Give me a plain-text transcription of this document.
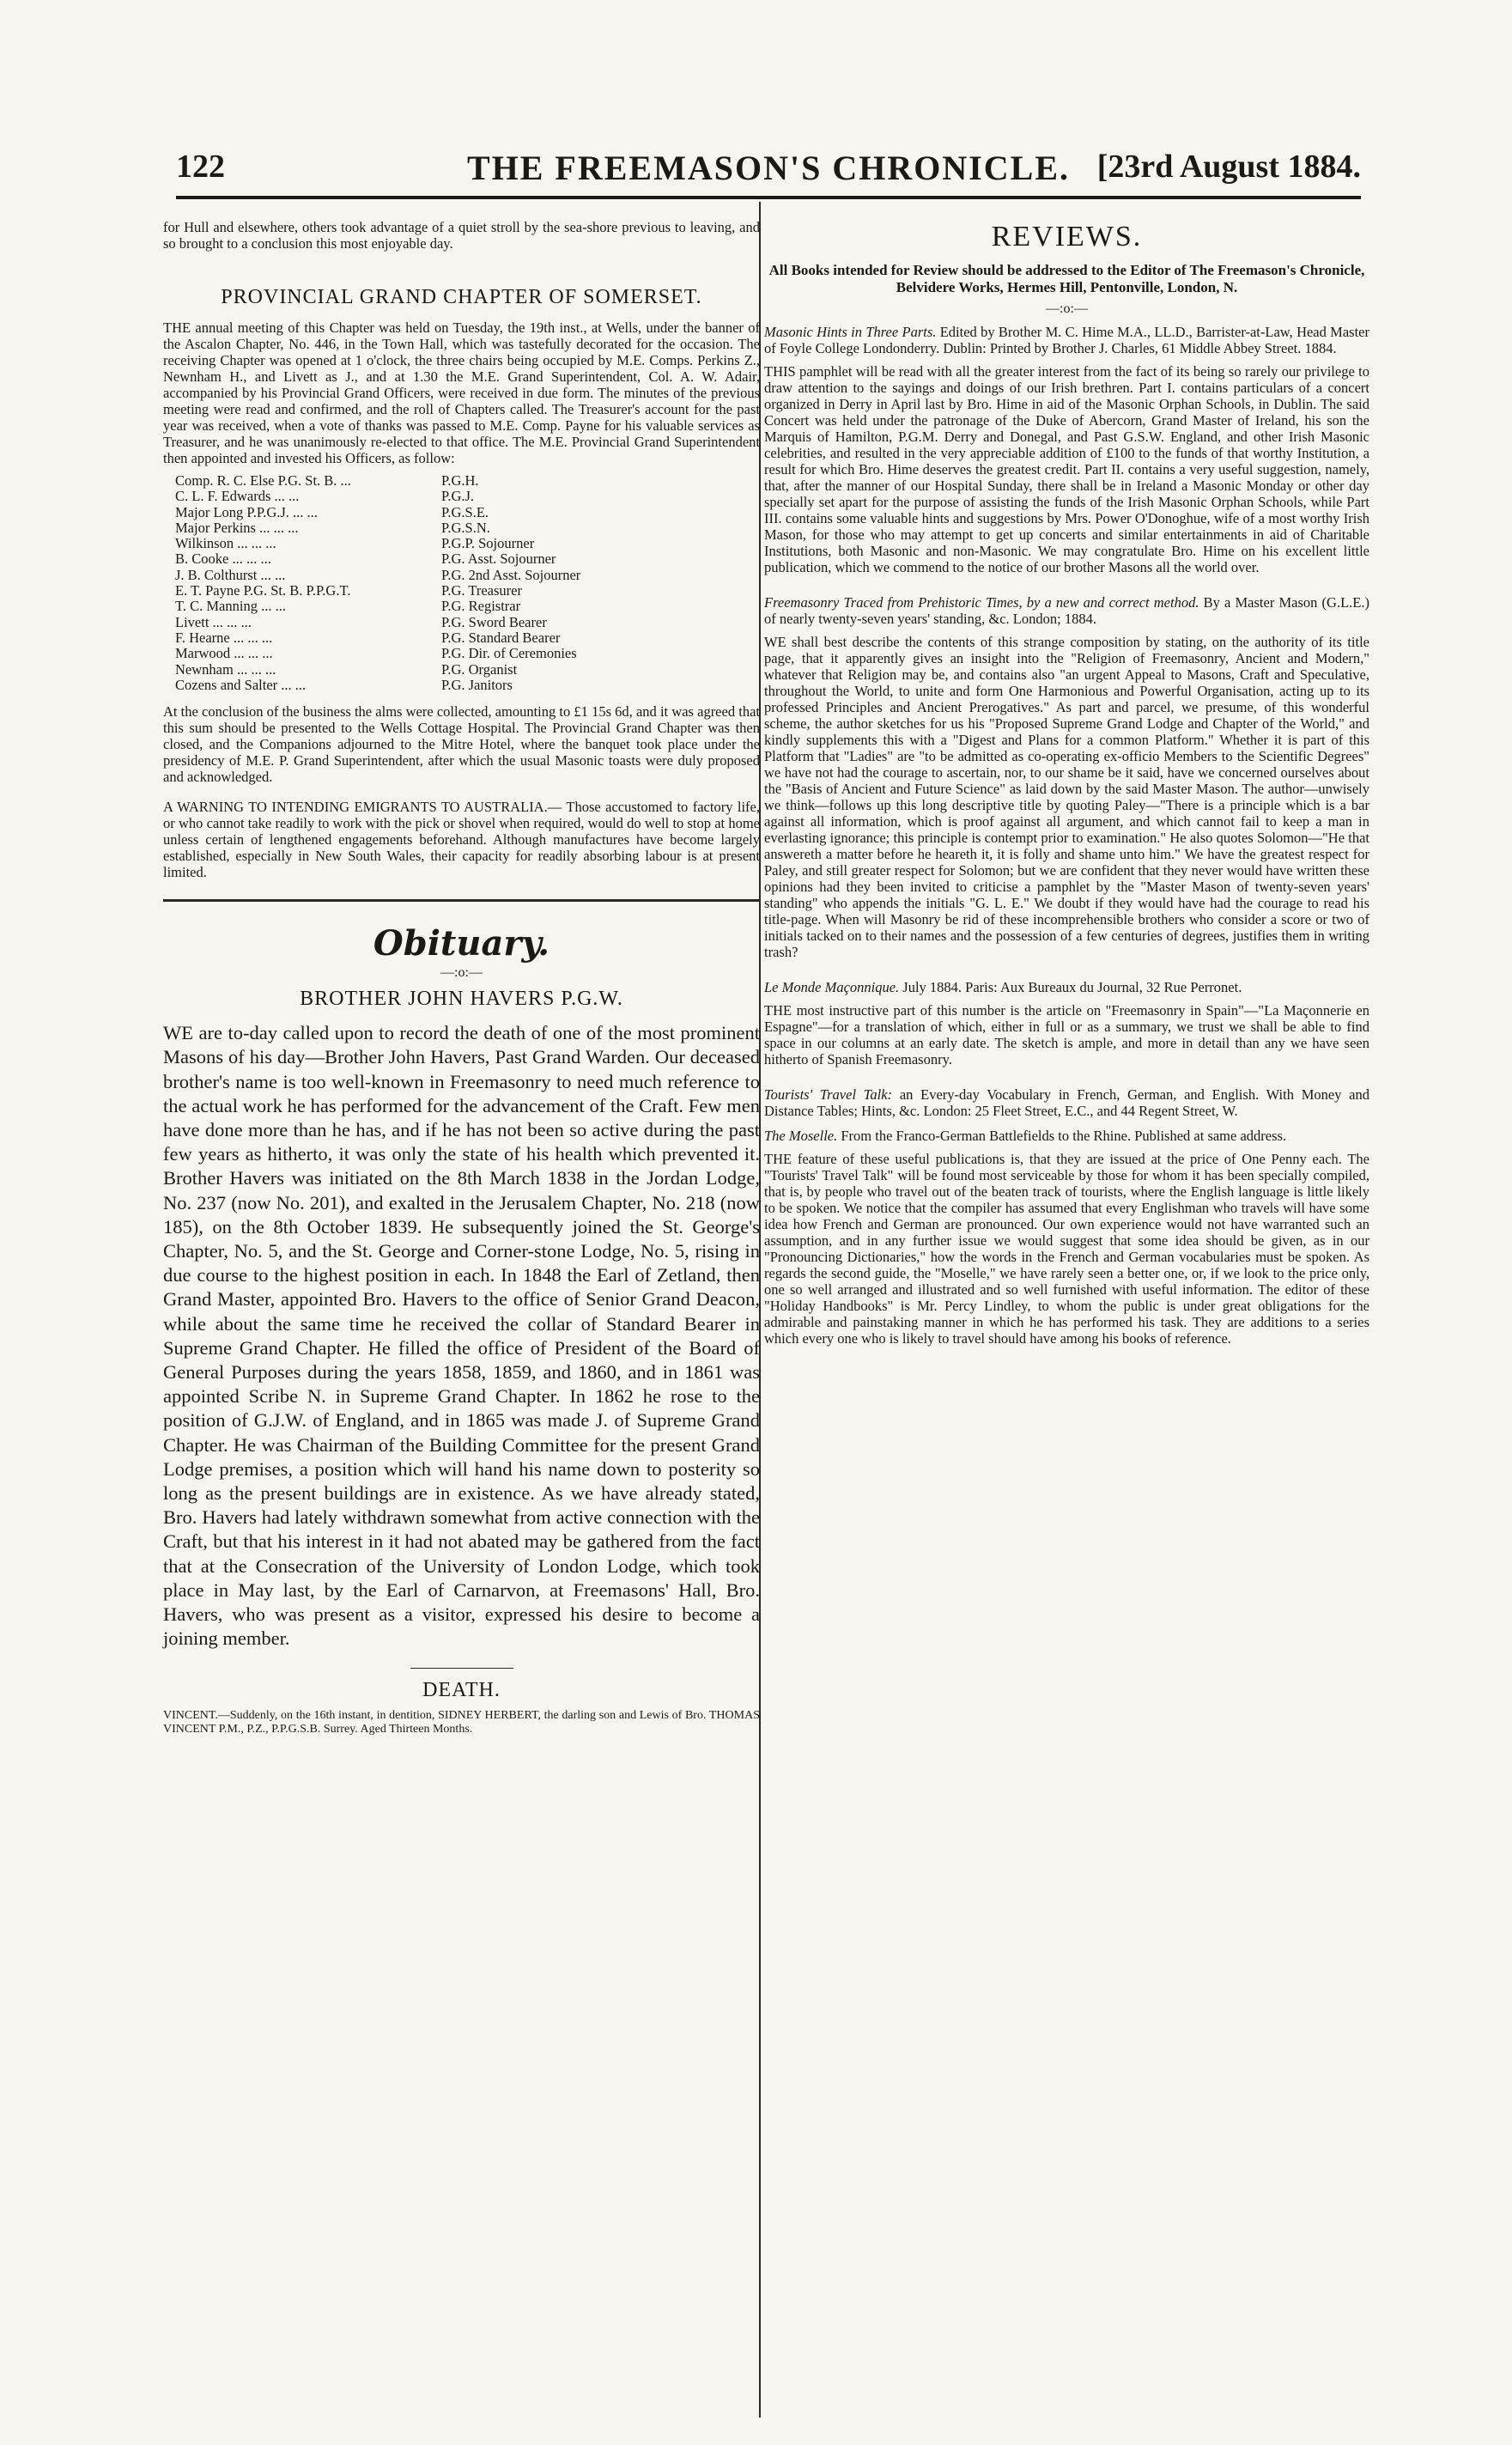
122	THE FREEMASON'S CHRONICLE. [23rd August 1884.

for Hull and elsewhere, others took advantage of a quiet stroll by the sea-shore previous to leaving, and so brought to a conclusion this most enjoyable day.

PROVINCIAL GRAND CHAPTER OF SOMERSET.

THE annual meeting of this Chapter was held on Tuesday, the 19th inst., at Wells, under the banner of the Ascalon Chapter, No. 446, in the Town Hall, which was tastefully decorated for the occasion. The receiving Chapter was opened at 1 o'clock, the three chairs being occupied by M.E. Comps. Perkins Z., Newnham H., and Livett as J., and at 1.30 the M.E. Grand Superintendent, Col. A. W. Adair, accompanied by his Provincial Grand Officers, were received in due form. The minutes of the previous meeting were read and confirmed, and the roll of Chapters called. The Treasurer's account for the past year was received, when a vote of thanks was passed to M.E. Comp. Payne for his valuable services as Treasurer, and he was unanimously re-elected to that office. The M.E. Provincial Grand Superintendent then appointed and invested his Officers, as follow:

Comp. R. C. Else P.G. St. B. ...	P.G.H.
C. L. F. Edwards ... ...	P.G.J.
Major Long P.P.G.J. ... ...	P.G.S.E.
Major Perkins ... ... ...	P.G.S.N.
Wilkinson ... ... ...	P.G.P. Sojourner
B. Cooke ... ... ...	P.G. Asst. Sojourner
J. B. Colthurst ... ...	P.G. 2nd Asst. Sojourner
E. T. Payne P.G. St. B. P.P.G.T.	P.G. Treasurer
T. C. Manning ... ...	P.G. Registrar
Livett ... ... ...	P.G. Sword Bearer
F. Hearne ... ... ...	P.G. Standard Bearer
Marwood ... ... ...	P.G. Dir. of Ceremonies
Newnham ... ... ...	P.G. Organist
Cozens and Salter ... ...	P.G. Janitors

At the conclusion of the business the alms were collected, amounting to £1 15s 6d, and it was agreed that this sum should be presented to the Wells Cottage Hospital. The Provincial Grand Chapter was then closed, and the Companions adjourned to the Mitre Hotel, where the banquet took place under the presidency of M.E. P. Grand Superintendent, after which the usual Masonic toasts were duly proposed and acknowledged.

A WARNING TO INTENDING EMIGRANTS TO AUSTRALIA.— Those accustomed to factory life, or who cannot take readily to work with the pick or shovel when required, would do well to stop at home unless certain of lengthened engagements beforehand. Although manufactures have become largely established, especially in New South Wales, their capacity for readily absorbing labour is at present limited.

Obituary.
—:o:—
BROTHER JOHN HAVERS P.G.W.

WE are to-day called upon to record the death of one of the most prominent Masons of his day—Brother John Havers, Past Grand Warden. Our deceased brother's name is too well-known in Freemasonry to need much reference to the actual work he has performed for the advancement of the Craft. Few men have done more than he has, and if he has not been so active during the past few years as hitherto, it was only the state of his health which prevented it. Brother Havers was initiated on the 8th March 1838 in the Jordan Lodge, No. 237 (now No. 201), and exalted in the Jerusalem Chapter, No. 218 (now 185), on the 8th October 1839. He subsequently joined the St. George's Chapter, No. 5, and the St. George and Corner-stone Lodge, No. 5, rising in due course to the highest position in each. In 1848 the Earl of Zetland, then Grand Master, appointed Bro. Havers to the office of Senior Grand Deacon, while about the same time he received the collar of Standard Bearer in Supreme Grand Chapter. He filled the office of President of the Board of General Purposes during the years 1858, 1859, and 1860, and in 1861 was appointed Scribe N. in Supreme Grand Chapter. In 1862 he rose to the position of G.J.W. of England, and in 1865 was made J. of Supreme Grand Chapter. He was Chairman of the Building Committee for the present Grand Lodge premises, a position which will hand his name down to posterity so long as the present buildings are in existence. As we have already stated, Bro. Havers had lately withdrawn somewhat from active connection with the Craft, but that his interest in it had not abated may be gathered from the fact that at the Consecration of the University of London Lodge, which took place in May last, by the Earl of Carnarvon, at Freemasons' Hall, Bro. Havers, who was present as a visitor, expressed his desire to become a joining member.

DEATH.

VINCENT.—Suddenly, on the 16th instant, in dentition, SIDNEY HERBERT, the darling son and Lewis of Bro. THOMAS VINCENT P.M., P.Z., P.P.G.S.B. Surrey. Aged Thirteen Months.

REVIEWS.
All Books intended for Review should be addressed to the Editor of The Freemason's Chronicle, Belvidere Works, Hermes Hill, Pentonville, London, N.
—:o:—

Masonic Hints in Three Parts. Edited by Brother M. C. Hime M.A., LL.D., Barrister-at-Law, Head Master of Foyle College Londonderry. Dublin: Printed by Brother J. Charles, 61 Middle Abbey Street. 1884.

THIS pamphlet will be read with all the greater interest from the fact of its being so rarely our privilege to draw attention to the sayings and doings of our Irish brethren. Part I. contains particulars of a concert organized in Derry in April last by Bro. Hime in aid of the Masonic Orphan Schools, in Dublin. The said Concert was held under the patronage of the Duke of Abercorn, Grand Master of Ireland, his son the Marquis of Hamilton, P.G.M. Derry and Donegal, and Past G.S.W. England, and other Irish Masonic celebrities, and resulted in the very appreciable addition of £100 to the funds of that worthy Institution, a result for which Bro. Hime deserves the greatest credit. Part II. contains a very useful suggestion, namely, that, after the manner of our Hospital Sunday, there shall be in Ireland a Masonic Monday or other day specially set apart for the purpose of assisting the funds of the Irish Masonic Orphan Schools, while Part III. contains some valuable hints and suggestions by Mrs. Power O'Donoghue, wife of a most worthy Irish Mason, for those who may attempt to get up concerts and similar entertainments in aid of Charitable Institutions, both Masonic and non-Masonic. We may congratulate Bro. Hime on his excellent little publication, which we commend to the notice of our brother Masons all the world over.

Freemasonry Traced from Prehistoric Times, by a new and correct method. By a Master Mason (G.L.E.) of nearly twenty-seven years' standing, &c. London; 1884.

WE shall best describe the contents of this strange composition by stating, on the authority of its title page, that it apparently gives an insight into the "Religion of Freemasonry, Ancient and Modern," whatever that Religion may be, and contains also "an urgent Appeal to Masons, Craft and Speculative, throughout the World, to unite and form One Harmonious and Powerful Organisation, acting up to its professed Principles and Ancient Prerogatives." As part and parcel, we presume, of this wonderful scheme, the author sketches for us his "Proposed Supreme Grand Lodge and Chapter of the World," and kindly supplements this with a "Digest and Plans for a common Platform." Whether it is part of this Platform that "Ladies" are "to be admitted as co-operating ex-officio Members to the Scientific Degrees" we have not had the courage to ascertain, nor, to our shame be it said, have we concerned ourselves about the "Basis of Ancient and Future Science" as laid down by the said Master Mason. The author—unwisely we think—follows up this long descriptive title by quoting Paley—"There is a principle which is a bar against all information, which is proof against all argument, and which cannot fail to keep a man in everlasting ignorance; this principle is contempt prior to examination." He also quotes Solomon—"He that answereth a matter before he heareth it, it is folly and shame unto him." We have the greatest respect for Paley, and still greater respect for Solomon; but we are confident that they never would have written these opinions had they been invited to criticise a pamphlet by the "Master Mason of twenty-seven years' standing" who appends the initials "G. L. E." We doubt if they would have had the courage to read his title-page. When will Masonry be rid of these incomprehensible brothers who consider a score or two of initials tacked on to their names and the possession of a few centuries of degrees, justifies them in writing trash?

Le Monde Maçonnique. July 1884. Paris: Aux Bureaux du Journal, 32 Rue Perronet.

THE most instructive part of this number is the article on "Freemasonry in Spain"—"La Maçonnerie en Espagne"—for a translation of which, either in full or as a summary, we trust we shall be able to find space in our columns at an early date. The sketch is ample, and more in detail than any we have seen hitherto of Spanish Freemasonry.

Tourists' Travel Talk: an Every-day Vocabulary in French, German, and English. With Money and Distance Tables; Hints, &c. London: 25 Fleet Street, E.C., and 44 Regent Street, W.

The Moselle. From the Franco-German Battlefields to the Rhine. Published at same address.

THE feature of these useful publications is, that they are issued at the price of One Penny each. The "Tourists' Travel Talk" will be found most serviceable by those for whom it has been specially compiled, that is, by people who travel out of the beaten track of tourists, where the English language is little likely to be spoken. We notice that the compiler has assumed that every Englishman who travels will have some idea how French and German are pronounced. Our own experience would not have warranted such an assumption, and in any further issue we would suggest that some idea should be given, as in our "Pronouncing Dictionaries," how the words in the French and German vocabularies must be spoken. As regards the second guide, the "Moselle," we have rarely seen a better one, or, if we look to the price only, one so well arranged and illustrated and so well furnished with useful information. The editor of these "Holiday Handbooks" is Mr. Percy Lindley, to whom the public is under great obligations for the admirable and painstaking manner in which he has performed his task. They are additions to a series which every one who is likely to travel should have among his books of reference.
